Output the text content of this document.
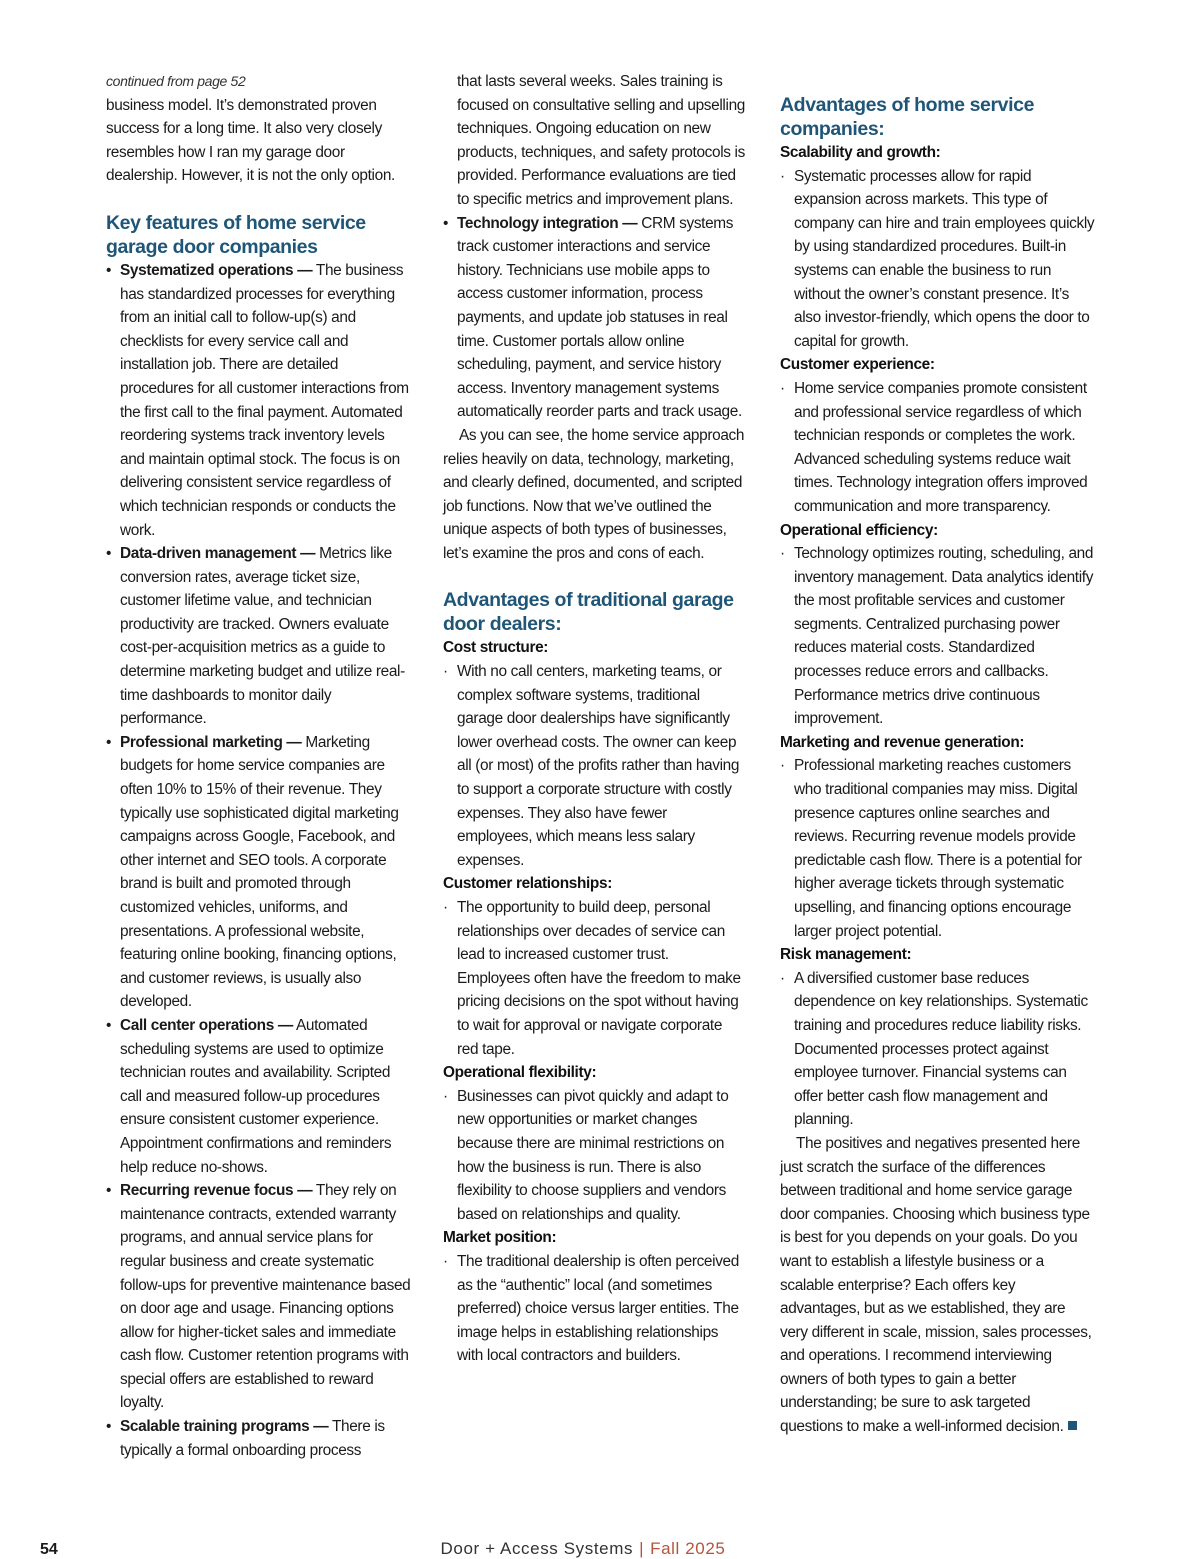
continued from page 52

business model. It’s demonstrated proven success for a long time. It also very closely resembles how I ran my garage door dealership. However, it is not the only option.

Key features of home service garage door companies
• Systematized operations — The business has standardized processes for everything from an initial call to follow-up(s) and checklists for every service call and installation job. There are detailed procedures for all customer interactions from the first call to the final payment. Automated reordering systems track inventory levels and maintain optimal stock. The focus is on delivering consistent service regardless of which technician responds or conducts the work.
• Data-driven management — Metrics like conversion rates, average ticket size, customer lifetime value, and technician productivity are tracked. Owners evaluate cost-per-acquisition metrics as a guide to determine marketing budget and utilize real-time dashboards to monitor daily performance.
• Professional marketing — Marketing budgets for home service companies are often 10% to 15% of their revenue. They typically use sophisticated digital marketing campaigns across Google, Facebook, and other internet and SEO tools. A corporate brand is built and promoted through customized vehicles, uniforms, and presentations. A professional website, featuring online booking, financing options, and customer reviews, is usually also developed.
• Call center operations — Automated scheduling systems are used to optimize technician routes and availability. Scripted call and measured follow-up procedures ensure consistent customer experience. Appointment confirmations and reminders help reduce no-shows.
• Recurring revenue focus — They rely on maintenance contracts, extended warranty programs, and annual service plans for regular business and create systematic follow-ups for preventive maintenance based on door age and usage. Financing options allow for higher-ticket sales and immediate cash flow. Customer retention programs with special offers are established to reward loyalty.
• Scalable training programs — There is typically a formal onboarding process

that lasts several weeks. Sales training is focused on consultative selling and upselling techniques. Ongoing education on new products, techniques, and safety protocols is provided. Performance evaluations are tied to specific metrics and improvement plans.

• Technology integration — CRM systems track customer interactions and service history. Technicians use mobile apps to access customer information, process payments, and update job statuses in real time. Customer portals allow online scheduling, payment, and service history access. Inventory management systems automatically reorder parts and track usage.

As you can see, the home service approach relies heavily on data, technology, marketing, and clearly defined, documented, and scripted job functions. Now that we’ve outlined the unique aspects of both types of businesses, let’s examine the pros and cons of each.

Advantages of traditional garage door dealers:
Cost structure:
· With no call centers, marketing teams, or complex software systems, traditional garage door dealerships have significantly lower overhead costs. The owner can keep all (or most) of the profits rather than having to support a corporate structure with costly expenses. They also have fewer employees, which means less salary expenses.
Customer relationships:
· The opportunity to build deep, personal relationships over decades of service can lead to increased customer trust. Employees often have the freedom to make pricing decisions on the spot without having to wait for approval or navigate corporate red tape.
Operational flexibility:
· Businesses can pivot quickly and adapt to new opportunities or market changes because there are minimal restrictions on how the business is run. There is also flexibility to choose suppliers and vendors based on relationships and quality.
Market position:
· The traditional dealership is often perceived as the “authentic” local (and sometimes preferred) choice versus larger entities. The image helps in establishing relationships with local contractors and builders.
Advantages of home service companies:
Scalability and growth:
· Systematic processes allow for rapid expansion across markets. This type of company can hire and train employees quickly by using standardized procedures. Built-in systems can enable the business to run without the owner’s constant presence. It’s also investor-friendly, which opens the door to capital for growth.
Customer experience:
· Home service companies promote consistent and professional service regardless of which technician responds or completes the work. Advanced scheduling systems reduce wait times. Technology integration offers improved communication and more transparency.
Operational efficiency:
· Technology optimizes routing, scheduling, and inventory management. Data analytics identify the most profitable services and customer segments. Centralized purchasing power reduces material costs. Standardized processes reduce errors and callbacks. Performance metrics drive continuous improvement.
Marketing and revenue generation:
· Professional marketing reaches customers who traditional companies may miss. Digital presence captures online searches and reviews. Recurring revenue models provide predictable cash flow. There is a potential for higher average tickets through systematic upselling, and financing options encourage larger project potential.
Risk management:
· A diversified customer base reduces dependence on key relationships. Systematic training and procedures reduce liability risks. Documented processes protect against employee turnover. Financial systems can offer better cash flow management and planning.

The positives and negatives presented here just scratch the surface of the differences between traditional and home service garage door companies. Choosing which business type is best for you depends on your goals. Do you want to establish a lifestyle business or a scalable enterprise? Each offers key advantages, but as we established, they are very different in scale, mission, sales processes, and operations. I recommend interviewing owners of both types to gain a better understanding; be sure to ask targeted questions to make a well-informed decision.

54	Door + Access Systems | Fall 2025
